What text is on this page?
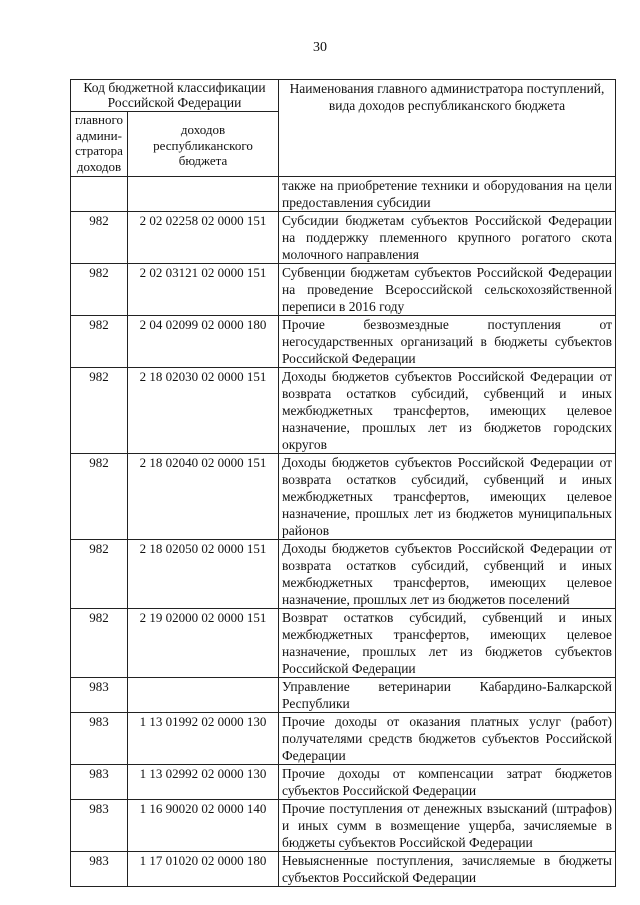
30
Код бюджетной классификации Российской Федерации		Наименования главного администратора поступлений, вида доходов республиканского бюджета
главного админи-стратора доходов	доходов республиканского бюджета	
		также на приобретение техники и оборудования на цели предоставления субсидии
982	2 02 02258 02 0000 151	Субсидии бюджетам субъектов Российской Федерации на поддержку племенного крупного рогатого скота молочного направления
982	2 02 03121 02 0000 151	Субвенции бюджетам субъектов Российской Федерации на проведение Всероссийской сельскохозяйственной переписи в 2016 году
982	2 04 02099 02 0000 180	Прочие безвозмездные поступления от негосударственных организаций в бюджеты субъектов Российской Федерации
982	2 18 02030 02 0000 151	Доходы бюджетов субъектов Российской Федерации от возврата остатков субсидий, субвенций и иных межбюджетных трансфертов, имеющих целевое назначение, прошлых лет из бюджетов городских округов
982	2 18 02040 02 0000 151	Доходы бюджетов субъектов Российской Федерации от возврата остатков субсидий, субвенций и иных межбюджетных трансфертов, имеющих целевое назначение, прошлых лет из бюджетов муниципальных районов
982	2 18 02050 02 0000 151	Доходы бюджетов субъектов Российской Федерации от возврата остатков субсидий, субвенций и иных межбюджетных трансфертов, имеющих целевое назначение, прошлых лет из бюджетов поселений
982	2 19 02000 02 0000 151	Возврат остатков субсидий, субвенций и иных межбюджетных трансфертов, имеющих целевое назначение, прошлых лет из бюджетов субъектов Российской Федерации
983		Управление ветеринарии Кабардино-Балкарской Республики
983	1 13 01992 02 0000 130	Прочие доходы от оказания платных услуг (работ) получателями средств бюджетов субъектов Российской Федерации
983	1 13 02992 02 0000 130	Прочие доходы от компенсации затрат бюджетов субъектов Российской Федерации
983	1 16 90020 02 0000 140	Прочие поступления от денежных взысканий (штрафов) и иных сумм в возмещение ущерба, зачисляемые в бюджеты субъектов Российской Федерации
983	1 17 01020 02 0000 180	Невыясненные поступления, зачисляемые в бюджеты субъектов Российской Федерации
